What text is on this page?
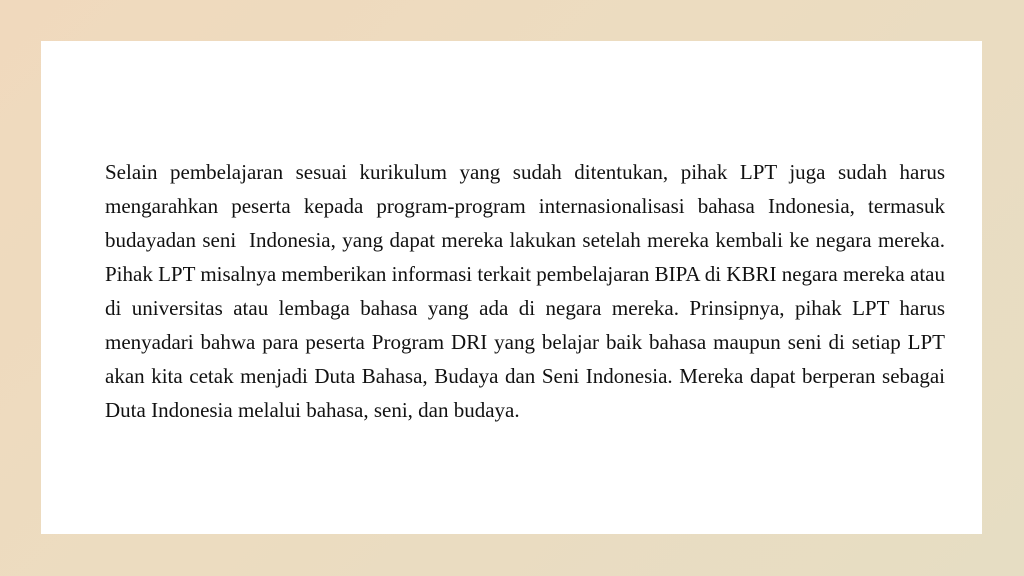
Selain pembelajaran sesuai kurikulum yang sudah ditentukan, pihak LPT juga sudah harus mengarahkan peserta kepada program-program internasionalisasi bahasa Indonesia, termasuk budayadan seni  Indonesia, yang dapat mereka lakukan setelah mereka kembali ke negara mereka. Pihak LPT misalnya memberikan informasi terkait pembelajaran BIPA di KBRI negara mereka atau di universitas atau lembaga bahasa yang ada di negara mereka. Prinsipnya, pihak LPT harus menyadari bahwa para peserta Program DRI yang belajar baik bahasa maupun seni di setiap LPT akan kita cetak menjadi Duta Bahasa, Budaya dan Seni Indonesia. Mereka dapat berperan sebagai Duta Indonesia melalui bahasa, seni, dan budaya.
